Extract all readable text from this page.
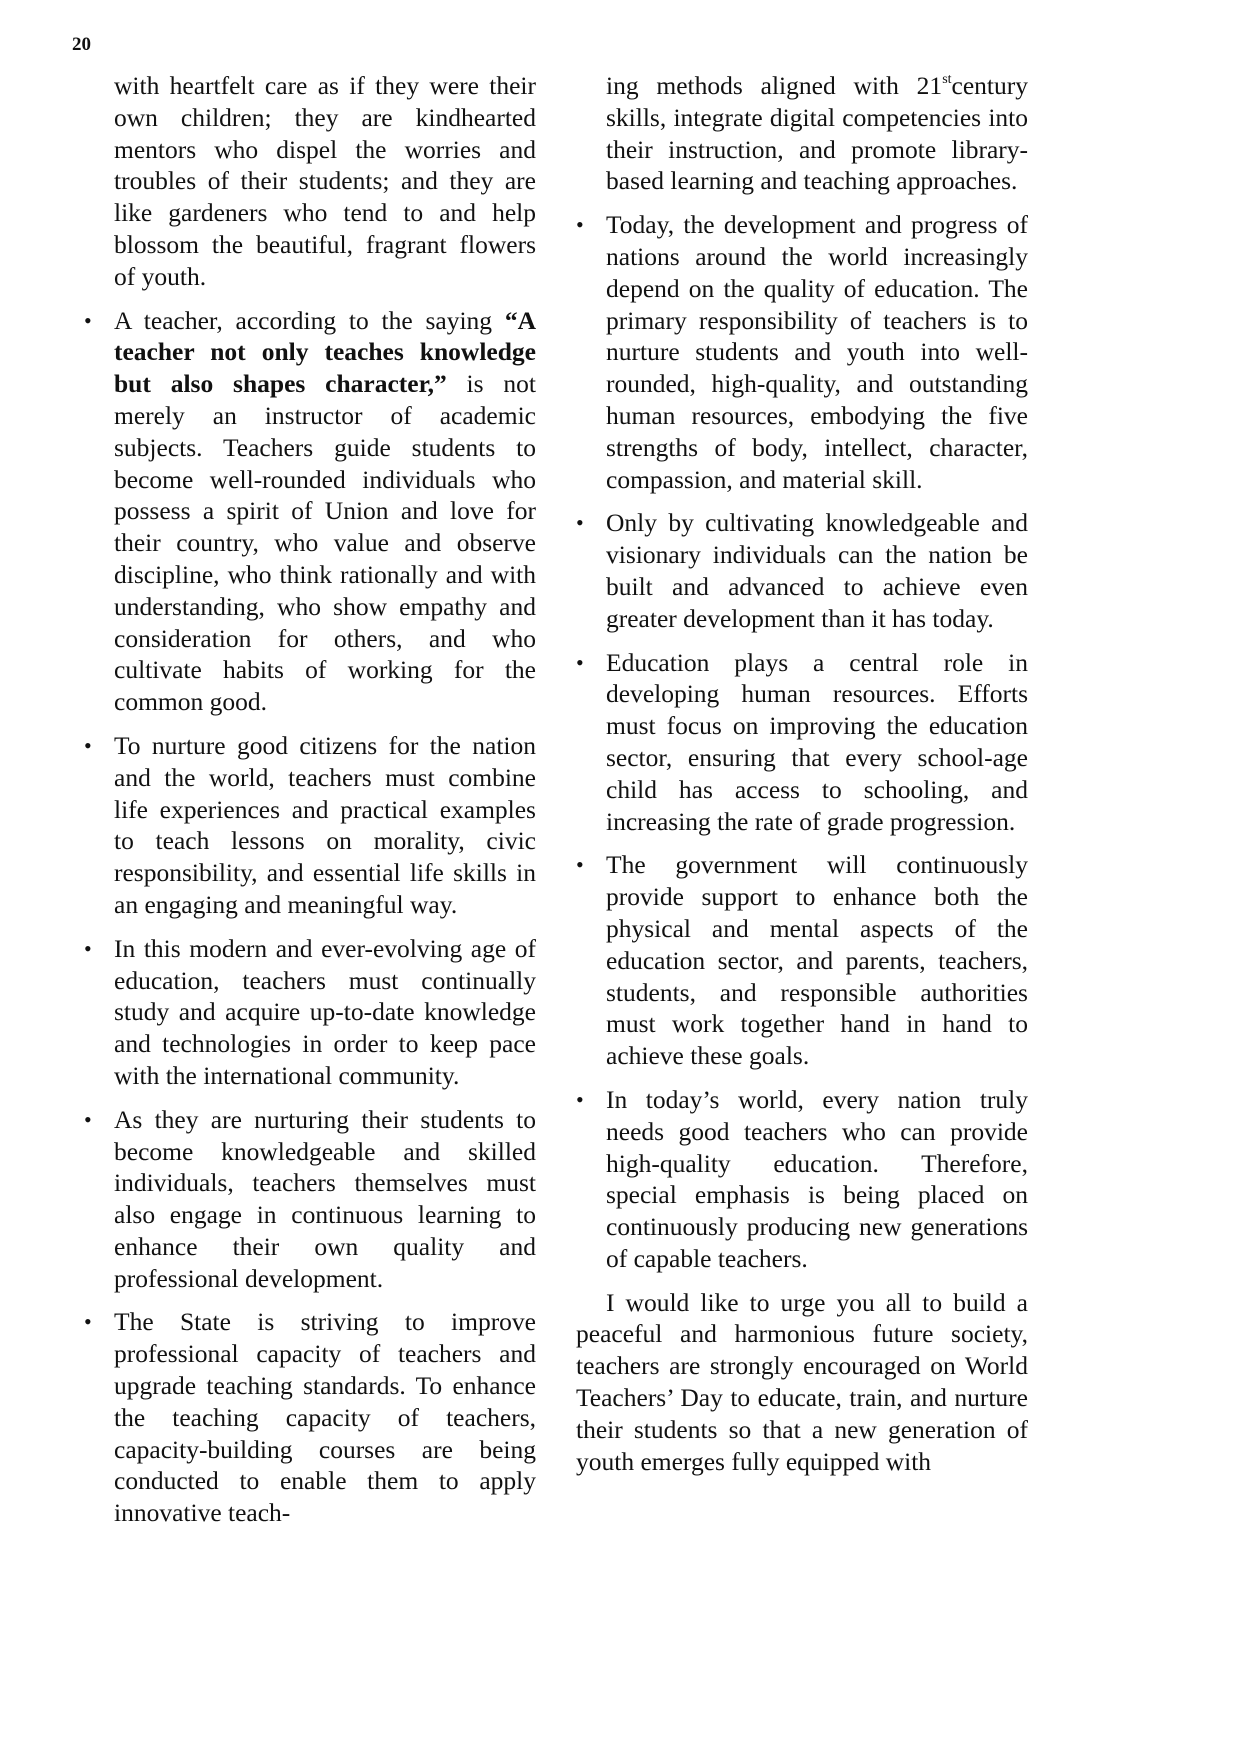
20

with heartfelt care as if they were their own children; they are kindhearted mentors who dispel the worries and troubles of their students; and they are like gardeners who tend to and help blossom the beautiful, fragrant flowers of youth.

• A teacher, according to the saying “A teacher not only teaches knowledge but also shapes character,” is not merely an instructor of academic subjects. Teachers guide students to become well-rounded individuals who possess a spirit of Union and love for their country, who value and observe discipline, who think rationally and with understanding, who show empathy and consideration for others, and who cultivate habits of working for the common good.

• To nurture good citizens for the nation and the world, teachers must combine life experiences and practical examples to teach lessons on morality, civic responsibility, and essential life skills in an engaging and meaningful way.

• In this modern and ever-evolving age of education, teachers must continually study and acquire up-to-date knowledge and technologies in order to keep pace with the international community.

• As they are nurturing their students to become knowledgeable and skilled individuals, teachers themselves must also engage in continuous learning to enhance their own quality and professional development.

• The State is striving to improve professional capacity of teachers and upgrade teaching standards. To enhance the teaching capacity of teachers, capacity-building courses are being conducted to enable them to apply innovative teach-

ing methods aligned with 21stcentury skills, integrate digital competencies into their instruction, and promote library-based learning and teaching approaches.

• Today, the development and progress of nations around the world increasingly depend on the quality of education. The primary responsibility of teachers is to nurture students and youth into well-rounded, high-quality, and outstanding human resources, embodying the five strengths of body, intellect, character, compassion, and material skill.

• Only by cultivating knowledgeable and visionary individuals can the nation be built and advanced to achieve even greater development than it has today.

• Education plays a central role in developing human resources. Efforts must focus on improving the education sector, ensuring that every school-age child has access to schooling, and increasing the rate of grade progression.

• The government will continuously provide support to enhance both the physical and mental aspects of the education sector, and parents, teachers, students, and responsible authorities must work together hand in hand to achieve these goals.

• In today’s world, every nation truly needs good teachers who can provide high-quality education. Therefore, special emphasis is being placed on continuously producing new generations of capable teachers.

I would like to urge you all to build a peaceful and harmonious future society, teachers are strongly encouraged on World Teachers’ Day to educate, train, and nurture their students so that a new generation of youth emerges fully equipped with
